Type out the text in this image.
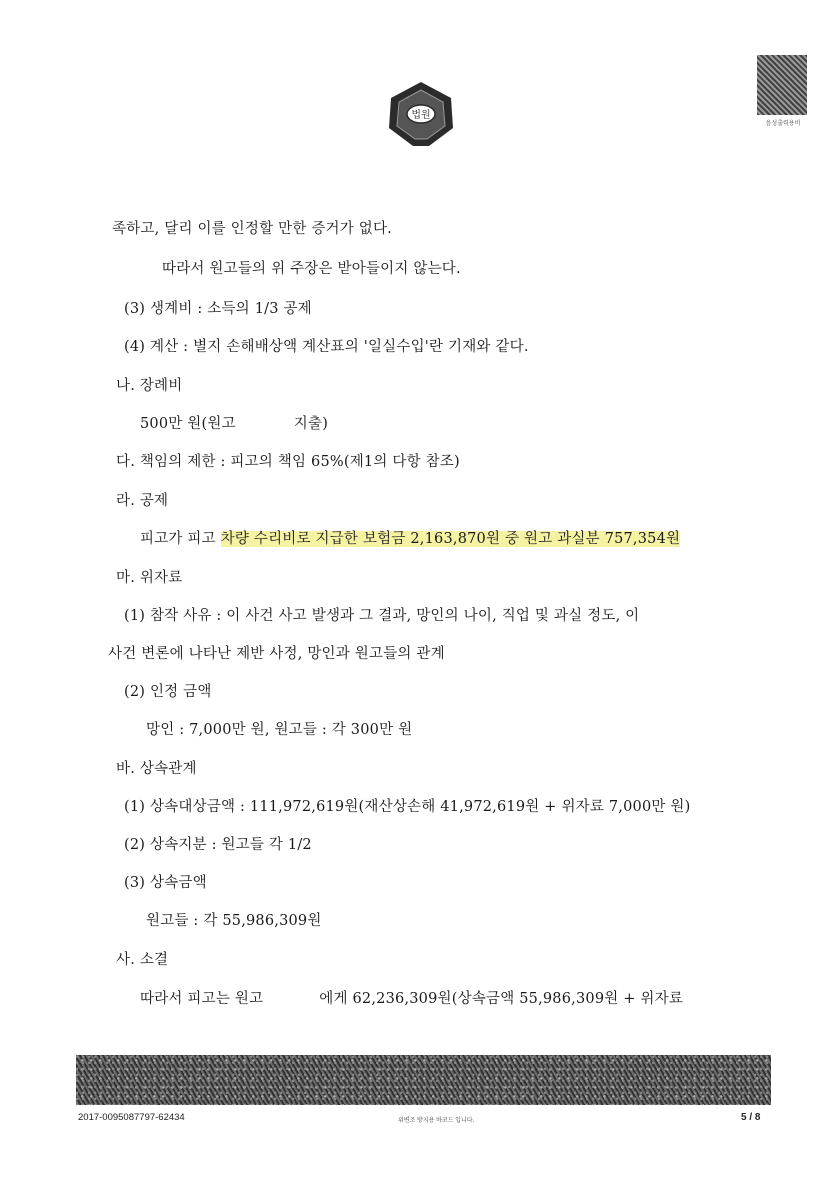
법원
음성출력용비
족하고, 달리 이를 인정할 만한 증거가 없다.
따라서 원고들의 위 주장은 받아들이지 않는다.
(3) 생계비 : 소득의 1/3 공제
(4) 계산 : 별지 손해배상액 계산표의 '일실수입'란 기재와 같다.
나. 장례비
500만 원(원고	지출)
다. 책임의 제한 : 피고의 책임 65%(제1의 다항 참조)
라. 공제
피고가 피고 차량 수리비로 지급한 보험금 2,163,870원 중 원고 과실분 757,354원
마. 위자료
(1) 참작 사유 : 이 사건 사고 발생과 그 결과, 망인의 나이, 직업 및 과실 정도, 이
사건 변론에 나타난 제반 사정, 망인과 원고들의 관계
(2) 인정 금액
망인 : 7,000만 원, 원고들 : 각 300만 원
바. 상속관계
(1) 상속대상금액 : 111,972,619원(재산상손해 41,972,619원 + 위자료 7,000만 원)
(2) 상속지분 : 원고들 각 1/2
(3) 상속금액
원고들 : 각 55,986,309원
사. 소결
따라서 피고는 원고	에게 62,236,309원(상속금액 55,986,309원 + 위자료
2017-0095087797-62434	위변조 방지용 바코드 입니다.	5 / 8
